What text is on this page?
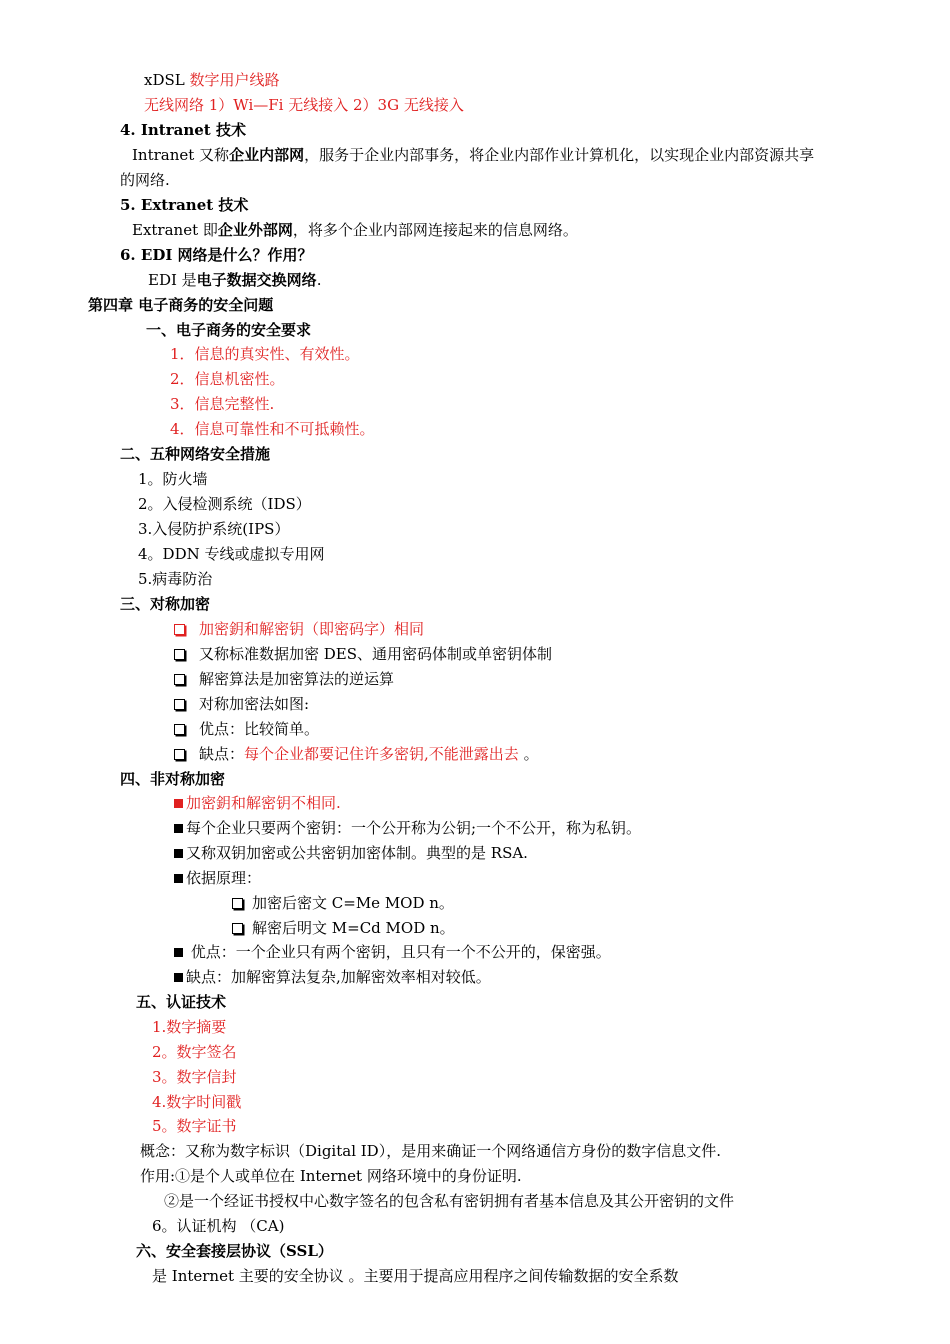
xDSL 数字用户线路
无线网络 1）Wi—Fi 无线接入 2）3G 无线接入
4. Intranet 技术
Intranet 又称企业内部网，服务于企业内部事务，将企业内部作业计算机化，以实现企业内部资源共享
的网络.
5. Extranet 技术
Extranet 即企业外部网，将多个企业内部网连接起来的信息网络。
6. EDI 网络是什么？作用？
EDI 是电子数据交换网络.
第四章 电子商务的安全问题
一、电子商务的安全要求
1．信息的真实性、有效性。
2．信息机密性。
3．信息完整性.
4．信息可靠性和不可抵赖性。
二、五种网络安全措施
1。防火墙
2。入侵检测系统（IDS）
3.入侵防护系统(IPS）
4。DDN 专线或虚拟专用网
5.病毒防治
三、对称加密
加密鈅和解密钥（即密码字）相同
又称标准数据加密 DES、通用密码体制或单密钥体制
解密算法是加密算法的逆运算
对称加密法如图:
优点：比较简单。
缺点：每个企业都要记住许多密钥,不能泄露出去 。
四、非对称加密
加密鈅和解密钥不相同.
每个企业只要两个密钥：一个公开称为公钥;一个不公开，称为私钥。
又称双钥加密或公共密钥加密体制。典型的是 RSA.
依据原理：
加密后密文 C=Me MOD n。
解密后明文 M=Cd MOD n。
优点：一个企业只有两个密钥，且只有一个不公开的，保密强。
缺点：加解密算法复杂,加解密效率相对较低。
五、认证技术
1.数字摘要
2。数字签名
3。数字信封
4.数字时间戳
5。数字证书
概念：又称为数字标识（Digital ID），是用来确证一个网络通信方身份的数字信息文件.
作用:①是个人或单位在 Internet 网络环境中的身份证明.
②是一个经证书授权中心数字签名的包含私有密钥拥有者基本信息及其公开密钥的文件
6。认证机构 （CA)
六、安全套接层协议（SSL）
是 Internet 主要的安全协议 。主要用于提高应用程序之间传输数据的安全系数
